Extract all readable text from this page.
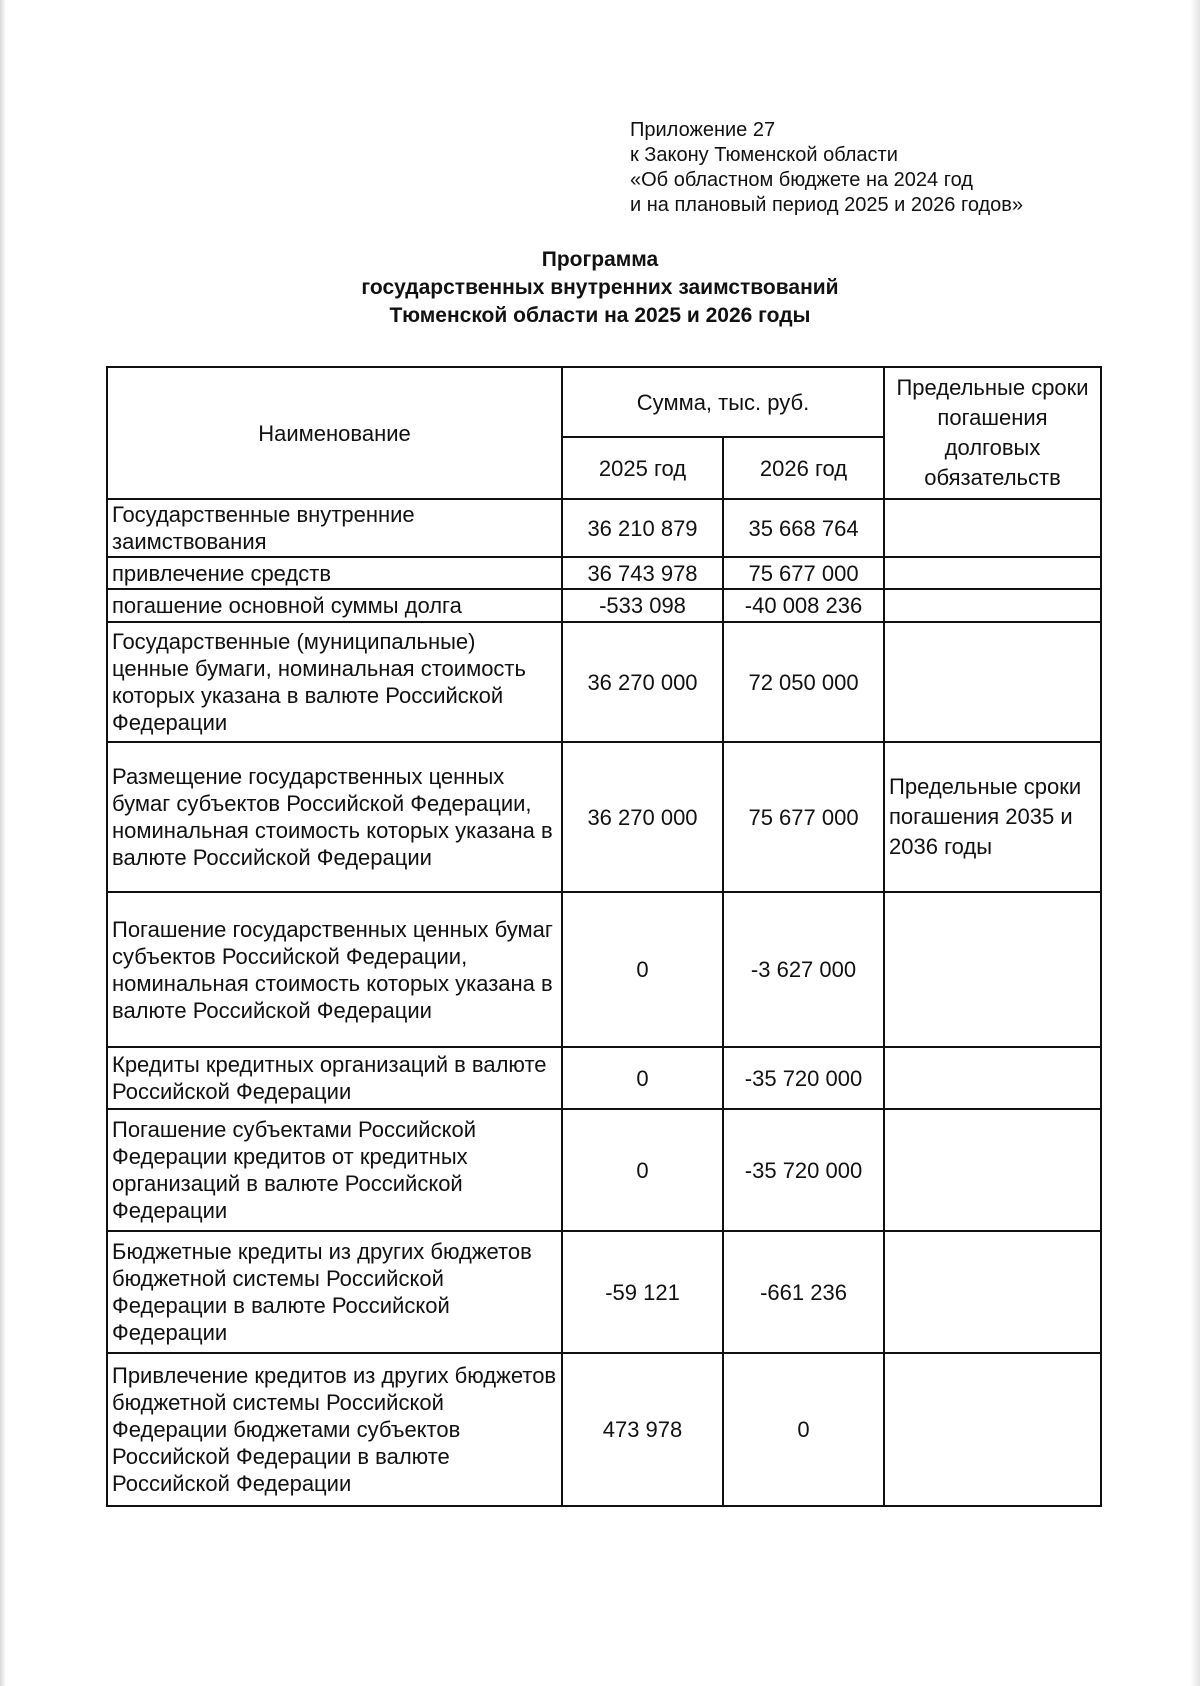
Приложение 27
к Закону Тюменской области
«Об областном бюджете на 2024 год
и на плановый период 2025 и 2026 годов»
Программа
государственных внутренних заимствований
Тюменской области на 2025 и 2026 годы
Наименование	Сумма, тыс. руб.		Предельные сроки погашения долговых обязательств
	2025 год	2026 год	
Государственные внутренние заимствования	36 210 879	35 668 764	
привлечение средств	36 743 978	75 677 000	
погашение основной суммы долга	-533 098	-40 008 236	
Государственные (муниципальные) ценные бумаги, номинальная стоимость которых указана в валюте Российской Федерации	36 270 000	72 050 000	
Размещение государственных ценных бумаг субъектов Российской Федерации, номинальная стоимость которых указана в валюте Российской Федерации	36 270 000	75 677 000	Предельные сроки погашения 2035 и 2036 годы
Погашение государственных ценных бумаг субъектов Российской Федерации, номинальная стоимость которых указана в валюте Российской Федерации	0	-3 627 000	
Кредиты кредитных организаций в валюте Российской Федерации	0	-35 720 000	
Погашение субъектами Российской Федерации кредитов от кредитных организаций в валюте Российской Федерации	0	-35 720 000	
Бюджетные кредиты из других бюджетов бюджетной системы Российской Федерации в валюте Российской Федерации	-59 121	-661 236	
Привлечение кредитов из других бюджетов бюджетной системы Российской Федерации бюджетами субъектов Российской Федерации в валюте Российской Федерации	473 978	0	
